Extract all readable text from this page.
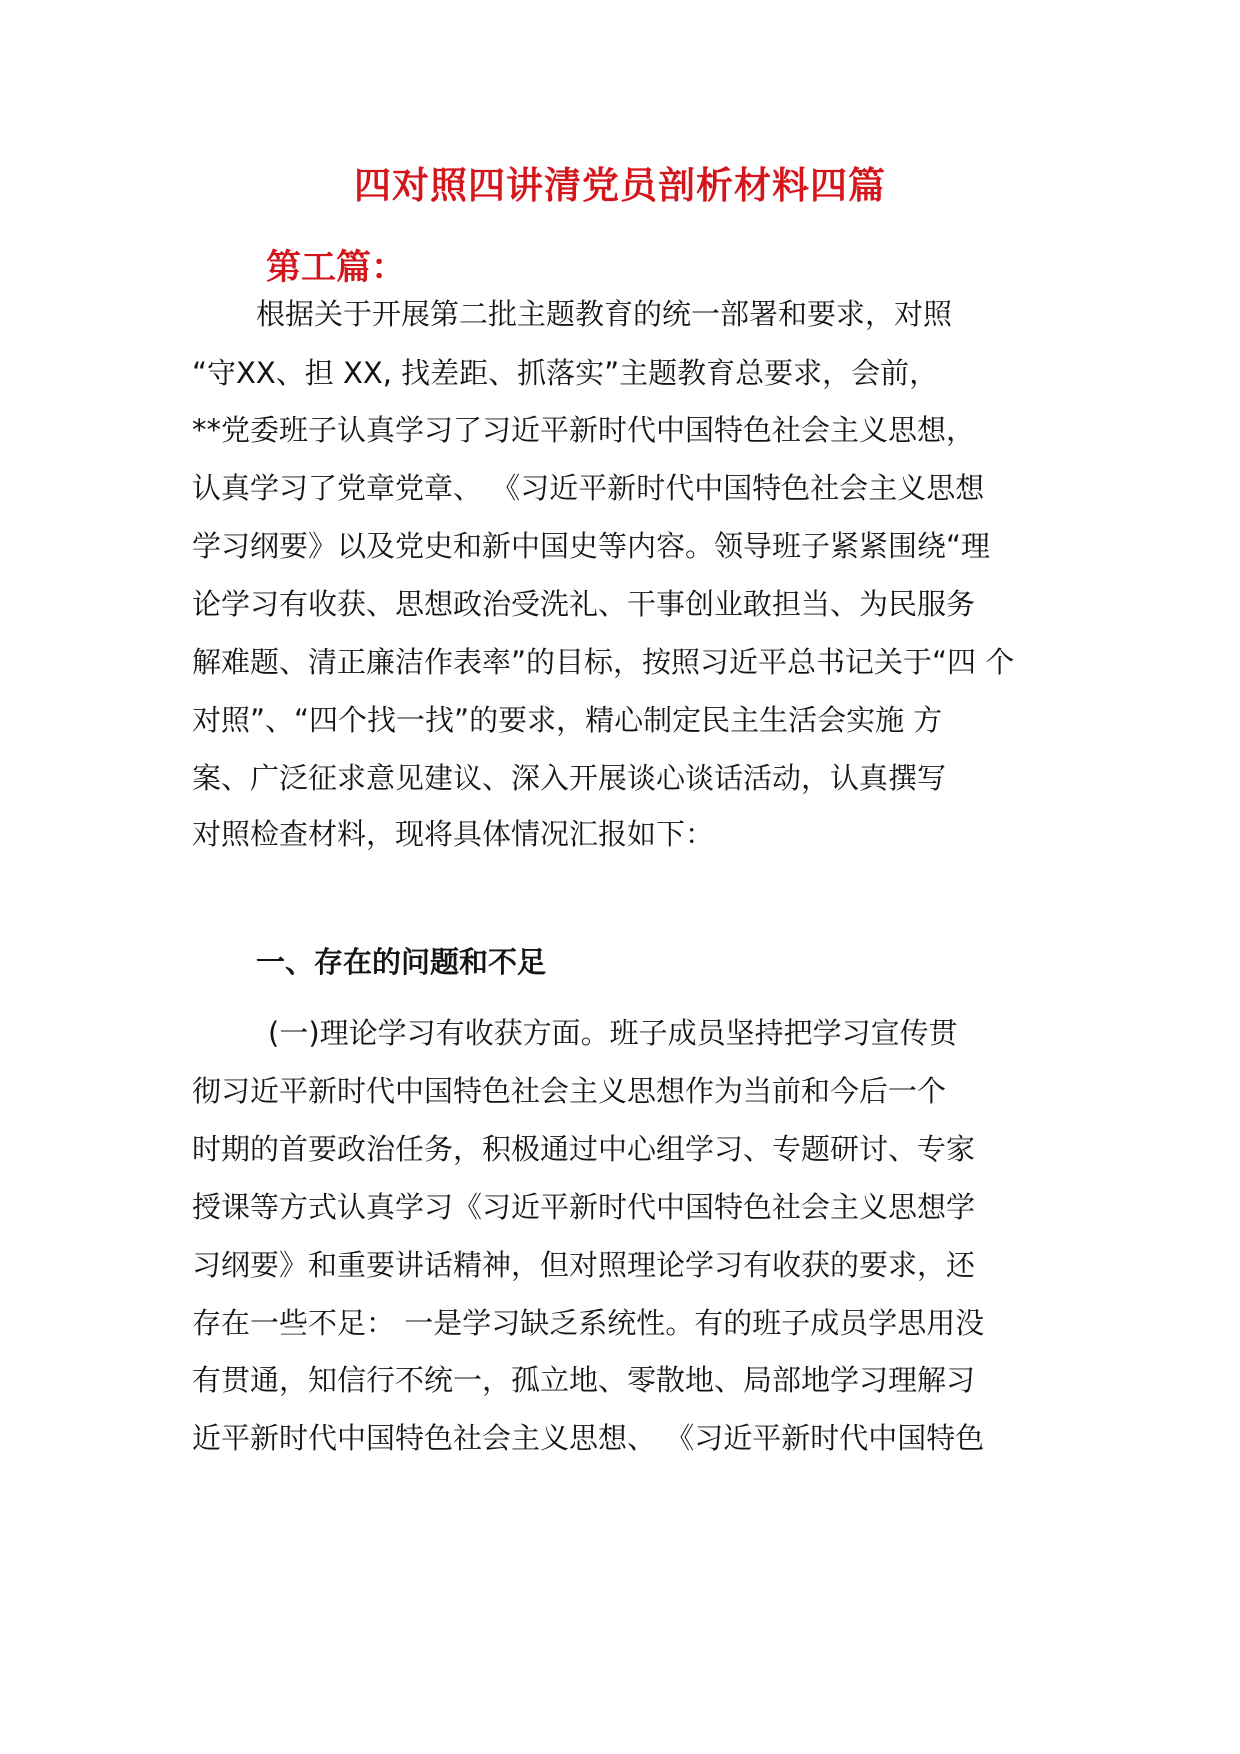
四对照四讲清党员剖析材料四篇
第工篇：
根据关于开展第二批主题教育的统一部署和要求，对照
“守XX、担 XX, 找差距、抓落实”主题教育总要求，会前，
**党委班子认真学习了习近平新时代中国特色社会主义思想，
认真学习了党章党章、 《习近平新时代中国特色社会主义思想
学习纲要》以及党史和新中国史等内容。领导班子紧紧围绕“理
论学习有收获、思想政治受洗礼、干事创业敢担当、为民服务
解难题、清正廉洁作表率”的目标，按照习近平总书记关于“四 个
对照”、“四个找一找”的要求，精心制定民主生活会实施 方
案、广泛征求意见建议、深入开展谈心谈话活动，认真撰写
对照检查材料，现将具体情况汇报如下：
一、存在的问题和不足
(一)理论学习有收获方面。班子成员坚持把学习宣传贯
彻习近平新时代中国特色社会主义思想作为当前和今后一个
时期的首要政治任务，积极通过中心组学习、专题研讨、专家
授课等方式认真学习《习近平新时代中国特色社会主义思想学
习纲要》和重要讲话精神，但对照理论学习有收获的要求，还
存在一些不足： 一是学习缺乏系统性。有的班子成员学思用没
有贯通，知信行不统一，孤立地、零散地、局部地学习理解习
近平新时代中国特色社会主义思想、 《习近平新时代中国特色
